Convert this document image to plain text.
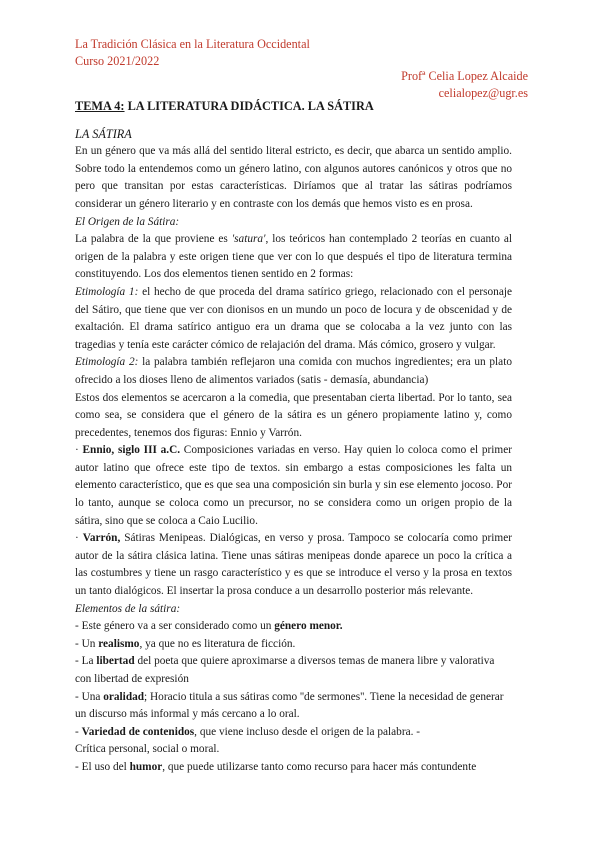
La Tradición Clásica en la Literatura Occidental
Curso 2021/2022
Profª Celia Lopez Alcaide
celialopez@ugr.es
TEMA 4: LA LITERATURA DIDÁCTICA. LA SÁTIRA
LA SÁTIRA

En un género que va más allá del sentido literal estricto, es decir, que abarca un sentido amplio. Sobre todo la entendemos como un género latino, con algunos autores canónicos y otros que no pero que transitan por estas características. Diríamos que al tratar las sátiras podríamos considerar un género literario y en contraste con los demás que hemos visto es en prosa.

El Origen de la Sátira:

La palabra de la que proviene es 'satura', los teóricos han contemplado 2 teorías en cuanto al origen de la palabra y este origen tiene que ver con lo que después el tipo de literatura termina constituyendo. Los dos elementos tienen sentido en 2 formas:

Etimología 1: el hecho de que proceda del drama satírico griego, relacionado con el personaje del Sátiro, que tiene que ver con dionisos en un mundo un poco de locura y de obscenidad y de exaltación. El drama satírico antiguo era un drama que se colocaba a la vez junto con las tragedias y tenía este carácter cómico de relajación del drama. Más cómico, grosero y vulgar.

Etimología 2: la palabra también reflejaron una comida con muchos ingredientes; era un plato ofrecido a los dioses lleno de alimentos variados (satis - demasía, abundancia)

Estos dos elementos se acercaron a la comedia, que presentaban cierta libertad. Por lo tanto, sea como sea, se considera que el género de la sátira es un género propiamente latino y, como precedentes, tenemos dos figuras: Ennio y Varrón.

· Ennio, siglo III a.C. Composiciones variadas en verso. Hay quien lo coloca como el primer autor latino que ofrece este tipo de textos. sin embargo a estas composiciones les falta un elemento característico, que es que sea una composición sin burla y sin ese elemento jocoso. Por lo tanto, aunque se coloca como un precursor, no se considera como un origen propio de la sátira, sino que se coloca a Caio Lucilio.

· Varrón, Sátiras Menipeas. Dialógicas, en verso y prosa. Tampoco se colocaría como primer autor de la sátira clásica latina. Tiene unas sátiras menipeas donde aparece un poco la crítica a las costumbres y tiene un rasgo característico y es que se introduce el verso y la prosa en textos un tanto dialógicos. El insertar la prosa conduce a un desarrollo posterior más relevante.

Elementos de la sátira:

- Este género va a ser considerado como un género menor.

- Un realismo, ya que no es literatura de ficción.

- La libertad del poeta que quiere aproximarse a diversos temas de manera libre y valorativa con libertad de expresión

- Una oralidad; Horacio titula a sus sátiras como ''de sermones''. Tiene la necesidad de generar un discurso más informal y más cercano a lo oral.

- Variedad de contenidos, que viene incluso desde el origen de la palabra. -

Crítica personal, social o moral.

- El uso del humor, que puede utilizarse tanto como recurso para hacer más contundente
